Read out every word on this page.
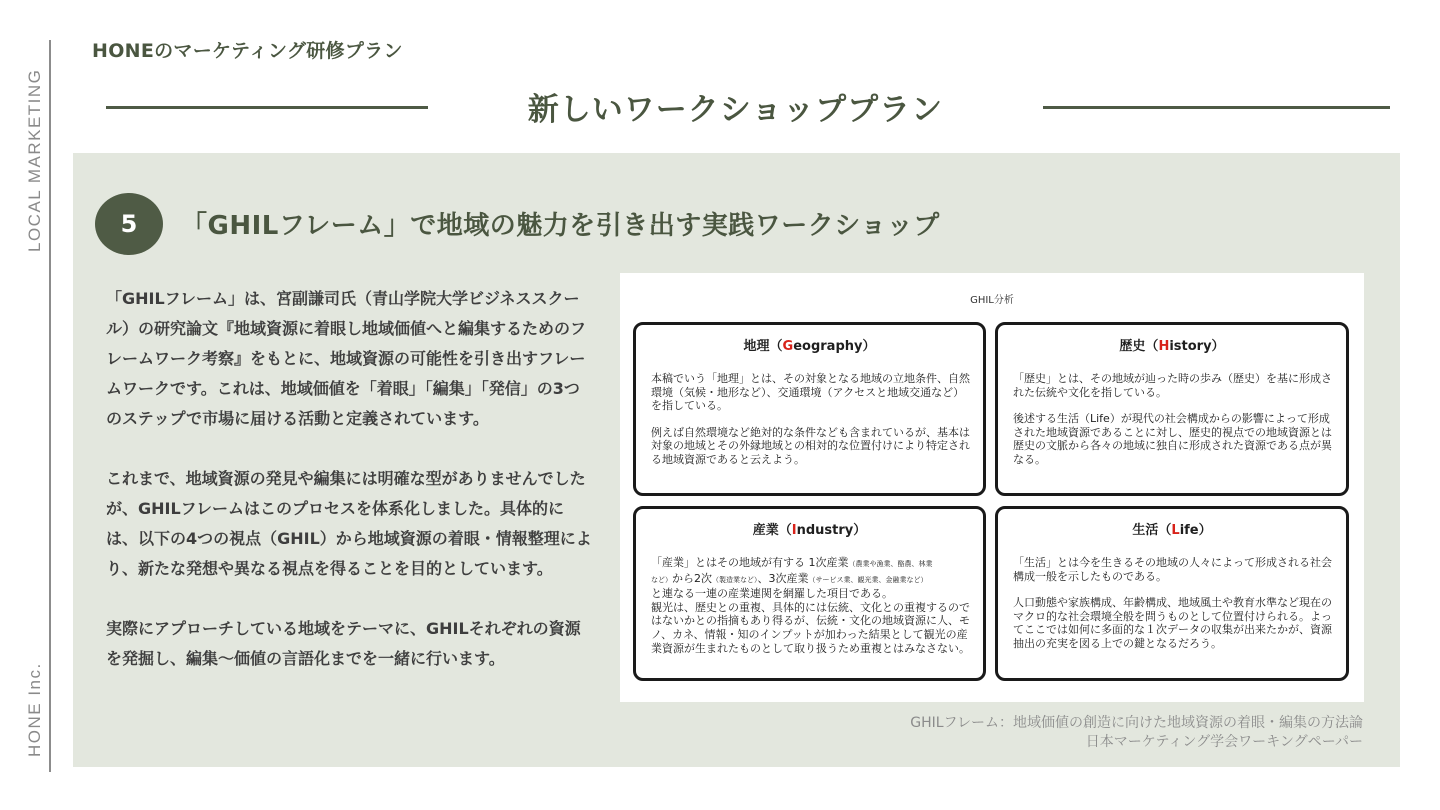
LOCAL MARKETING
HONE Inc.
HONEのマーケティング研修プラン
新しいワークショッププラン
5	「GHILフレーム」で地域の魅力を引き出す実践ワークショップ

「GHILフレーム」は、宮副謙司氏（青山学院大学ビジネススクール）の研究論文『地域資源に着眼し地域価値へと編集するためのフレームワーク考察』をもとに、地域資源の可能性を引き出すフレームワークです。これは、地域価値を「着眼」「編集」「発信」の3つのステップで市場に届ける活動と定義されています。

これまで、地域資源の発見や編集には明確な型がありませんでしたが、GHILフレームはこのプロセスを体系化しました。具体的には、以下の4つの視点（GHIL）から地域資源の着眼・情報整理により、新たな発想や異なる視点を得ることを目的としています。

実際にアプローチしている地域をテーマに、GHILそれぞれの資源を発掘し、編集〜価値の言語化までを一緒に行います。

GHIL分析
地理（Geography）
本稿でいう「地理」とは、その対象となる地域の立地条件、自然環境（気候・地形など）、交通環境（アクセスと地域交通など）を指している。
例えば自然環境など絶対的な条件なども含まれているが、基本は対象の地域とその外縁地域との相対的な位置付けにより特定される地域資源であると云えよう。
歴史（History）
「歴史」とは、その地域が辿った時の歩み（歴史）を基に形成された伝統や文化を指している。
後述する生活（Life）が現代の社会構成からの影響によって形成された地域資源であることに対し、歴史的視点での地域資源とは歴史の文脈から各々の地域に独自に形成された資源である点が異なる。
産業（Industry）
「産業」とはその地域が有する 1次産業（農業や漁業、酪農、林業
など）から2次（製造業など）、3次産業（サービス業、観光業、金融業など）
と連なる一連の産業連関を網羅した項目である。
観光は、歴史との重複、具体的には伝統、文化との重複するのではないかとの指摘もあり得るが、伝統・文化の地域資源に人、モノ、カネ、情報・知のインプットが加わった結果として観光の産業資源が生まれたものとして取り扱うため重複とはみなさない。
生活（Life）
「生活」とは今を生きるその地域の人々によって形成される社会構成一般を示したものである。
人口動態や家族構成、年齢構成、地域風土や教育水準など現在のマクロ的な社会環境全般を問うものとして位置付けられる。よってここでは如何に多面的な１次データの収集が出来たかが、資源抽出の充実を図る上での鍵となるだろう。
GHILフレーム：地域価値の創造に向けた地域資源の着眼・編集の方法論
日本マーケティング学会ワーキングペーパー
